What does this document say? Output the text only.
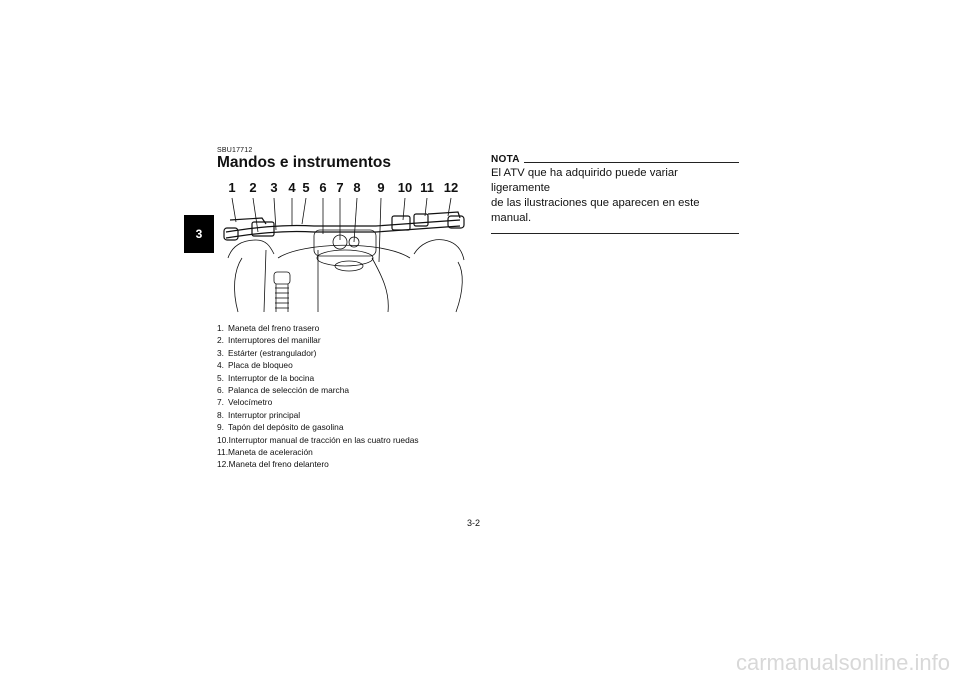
3
SBU17712
Mandos e instrumentos
1 2 3 4 5 6 7 8 9 10 11 12
1. Maneta del freno trasero
2. Interruptores del manillar
3. Estárter (estrangulador)
4. Placa de bloqueo
5. Interruptor de la bocina
6. Palanca de selección de marcha
7. Velocímetro
8. Interruptor principal
9. Tapón del depósito de gasolina
10.Interruptor manual de tracción en las cuatro ruedas
11.Maneta de aceleración
12.Maneta del freno delantero
NOTA
El ATV que ha adquirido puede variar ligeramente
de las ilustraciones que aparecen en este manual.
3-2
carmanualsonline.info
